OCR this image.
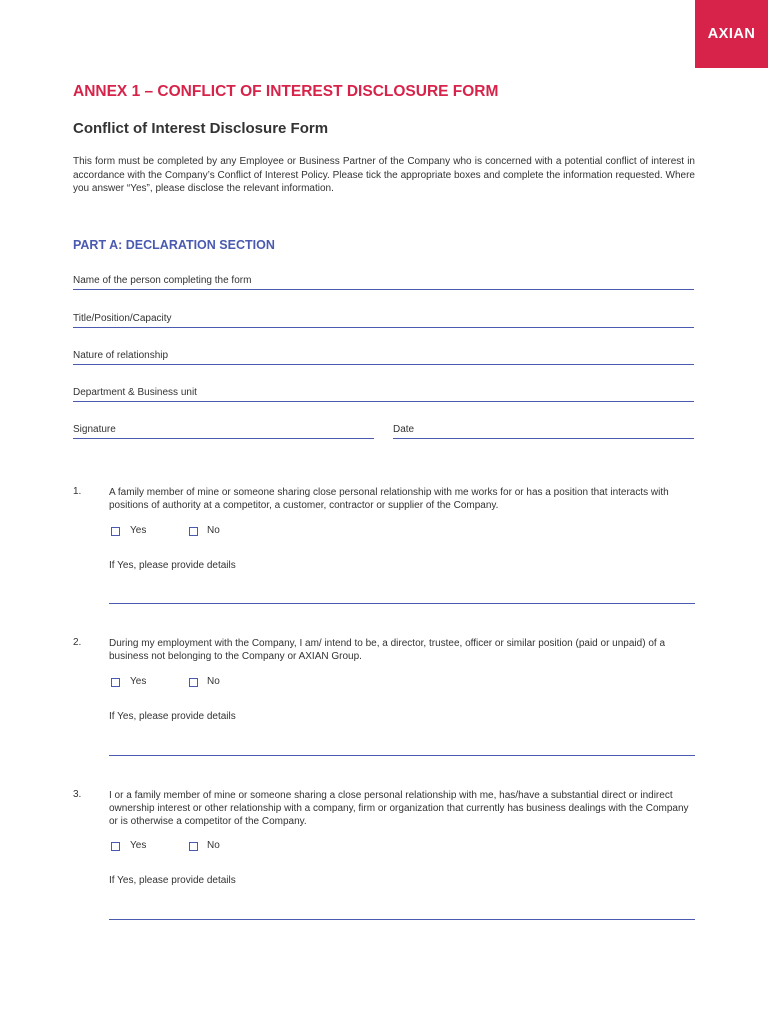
AXIAN
ANNEX 1 – CONFLICT OF INTEREST DISCLOSURE FORM
Conflict of Interest Disclosure Form

This form must be completed by any Employee or Business Partner of the Company who is concerned with a potential conflict of interest in accordance with the Company’s Conflict of Interest Policy. Please tick the appropriate boxes and complete the information requested. Where you answer “Yes”, please disclose the relevant information.

PART A: DECLARATION SECTION
Name of the person completing the form
Title/Position/Capacity
Nature of relationship
Department & Business unit
Signature	Date
1.	A family member of mine or someone sharing close personal relationship with me works for or has a position that interacts with positions of authority at a competitor, a customer, contractor or supplier of the Company.

Yes	No
If Yes, please provide details
2.	During my employment with the Company, I am/ intend to be, a director, trustee, officer or similar position (paid or unpaid) of a business not belonging to the Company or AXIAN Group.

Yes	No
If Yes, please provide details
3.	I or a family member of mine or someone sharing a close personal relationship with me, has/have a substantial direct or indirect ownership interest or other relationship with a company, firm or organization that currently has business dealings with the Company or is otherwise a competitor of the Company.

Yes	No
If Yes, please provide details
